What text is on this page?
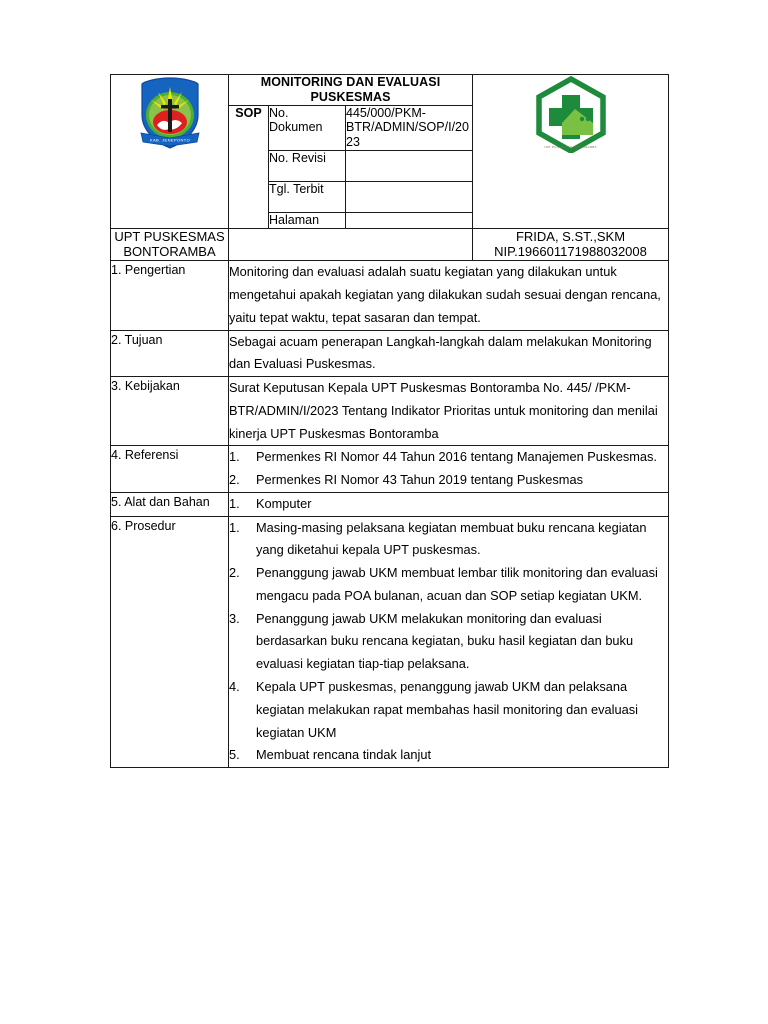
KAB. JENEPONTO	MONITORING DAN EVALUASI PUSKESMAS			UPT PUSKESMAS BONTORAMBA

	SOP	No. Dokumen	445/000/PKM-BTR/ADMIN/SOP/I/2023	
		No. Revisi		
		Tgl. Terbit		
		Halaman		
UPT PUSKESMAS BONTORAMBA				FRIDA, S.ST.,SKM
NIP.196601171988032008

1. Pengertian	Monitoring dan evaluasi adalah suatu kegiatan yang dilakukan untuk mengetahui apakah kegiatan yang dilakukan sudah sesuai dengan rencana, yaitu tepat waktu, tepat sasaran dan tempat.			

2. Tujuan	Sebagai acuam penerapan Langkah-langkah dalam melakukan Monitoring dan Evaluasi Puskesmas.			

3. Kebijakan	Surat Keputusan Kepala UPT Puskesmas Bontoramba No. 445/ /PKM-BTR/ADMIN/I/2023 Tentang Indikator Prioritas untuk monitoring dan menilai kinerja UPT Puskesmas Bontoramba			

4. Referensi	1.	Permenkes RI Nomor 44 Tahun 2016 tentang Manajemen Puskesmas.
2.	Permenkes RI Nomor 43 Tahun 2019 tentang Puskesmas

5. Alat dan Bahan	1.	Komputer

6. Prosedur	1.	Masing-masing pelaksana kegiatan membuat buku rencana kegiatan yang diketahui kepala UPT puskesmas.
2.	Penanggung jawab UKM membuat lembar tilik monitoring dan evaluasi mengacu pada POA bulanan, acuan dan SOP setiap kegiatan UKM.
3.	Penanggung jawab UKM melakukan monitoring dan evaluasi berdasarkan buku rencana kegiatan, buku hasil kegiatan dan buku evaluasi kegiatan tiap-tiap pelaksana.
4.	Kepala UPT puskesmas, penanggung jawab UKM dan pelaksana kegiatan melakukan rapat membahas hasil monitoring dan evaluasi kegiatan UKM
5.	Membuat rencana tindak lanjut
